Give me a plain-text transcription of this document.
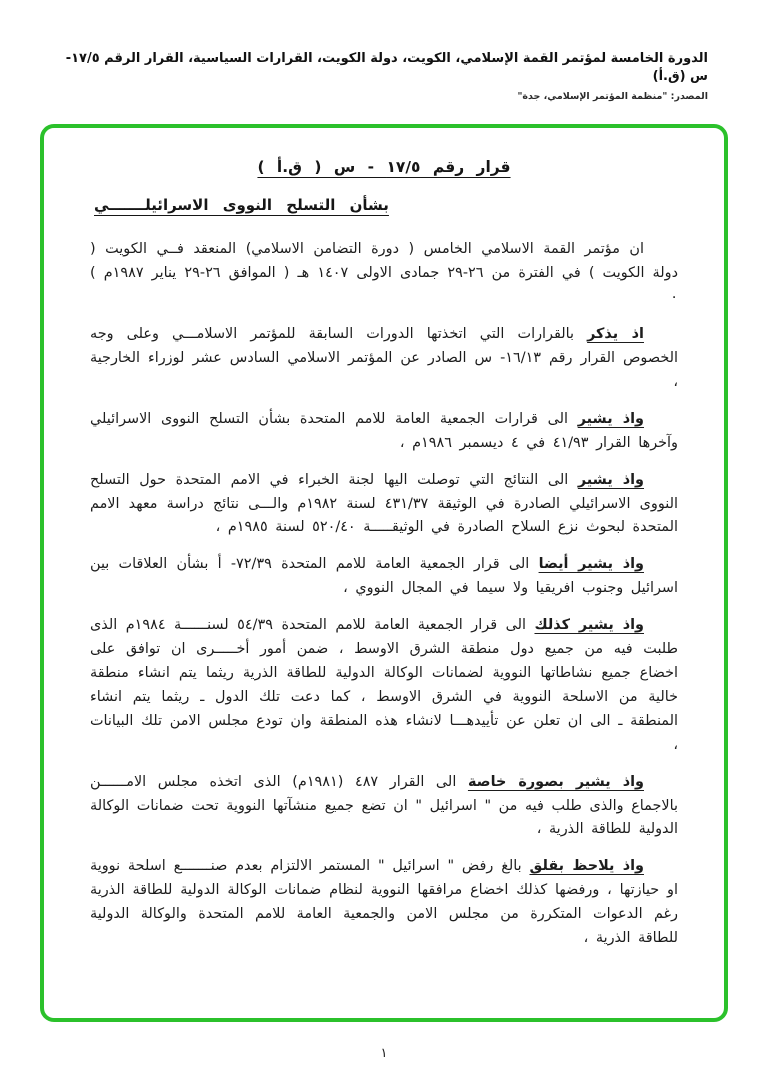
الدورة الخامسة لمؤتمر القمة الإسلامي، الكويت، دولة الكويت، القرارات السياسية، القرار الرقم ١٧/٥-س (ق.أ)
المصدر: "منظمة المؤتمر الإسلامي، جدة"
قرار رقم ١٧/٥ - س ( ق.أ )
بشأن التسلح النووى الاسرائيلـــــــي

ان مؤتمر القمة الاسلامي الخامس ( دورة التضامن الاسلامي) المنعقد فــي الكويت ( دولة الكويت ) في الفترة من ٢٦-٢٩ جمادى الاولى ١٤٠٧ هـ ( الموافق ٢٦-٢٩ يناير ١٩٨٧م ) ٠

اذ يذكر بالقرارات التي اتخذتها الدورات السابقة للمؤتمر الاسلامـــي وعلى وجه الخصوص القرار رقم ١٦/١٣- س الصادر عن المؤتمر الاسلامي السادس عشر لوزراء الخارجية ،

واذ يشير الى قرارات الجمعية العامة للامم المتحدة بشأن التسلح النووى الاسرائيلي وآخرها القرار ٤١/٩٣ في ٤ ديسمبر ١٩٨٦م ،

واذ يشير الى النتائج التي توصلت اليها لجنة الخبراء في الامم المتحدة حول التسلح النووى الاسرائيلي الصادرة في الوثيقة ٤٣١/٣٧ لسنة ١٩٨٢م والـــى نتائج دراسة معهد الامم المتحدة لبحوث نزع السلاح الصادرة في الوثيقـــــة ٥٢٠/٤٠ لسنة ١٩٨٥م ،

واذ يشير أيضا الى قرار الجمعية العامة للامم المتحدة ٧٢/٣٩- أ بشأن العلاقات بين اسرائيل وجنوب افريقيا ولا سيما في المجال النووي ،

واذ يشير كذلك الى قرار الجمعية العامة للامم المتحدة ٥٤/٣٩ لسنــــــة ١٩٨٤م الذى طلبت فيه من جميع دول منطقة الشرق الاوسط ، ضمن أمور أخـــــرى ان توافق على اخضاع جميع نشاطاتها النووية لضمانات الوكالة الدولية للطاقة الذرية ريثما يتم انشاء منطقة خالية من الاسلحة النووية في الشرق الاوسط ، كما دعت تلك الدول ـ ريثما يتم انشاء المنطقة ـ الى ان تعلن عن تأييدهـــا لانشاء هذه المنطقة وان تودع مجلس الامن تلك البيانات ،

واذ يشير بصورة خاصة الى القرار ٤٨٧ (١٩٨١م) الذى اتخذه مجلس الامــــــن بالاجماع والذى طلب فيه من " اسرائيل " ان تضع جميع منشآتها النووية تحت ضمانات الوكالة الدولية للطاقة الذرية ،

واذ يلاحظ بقلق بالغ رفض " اسرائيل " المستمر الالتزام بعدم صنـــــــع اسلحة نووية او حيازتها ، ورفضها كذلك اخضاع مرافقها النووية لنظام ضمانات الوكالة الدولية للطاقة الذرية رغم الدعوات المتكررة من مجلس الامن والجمعية العامة للامم المتحدة والوكالة الدولية للطاقة الذرية ،

١
